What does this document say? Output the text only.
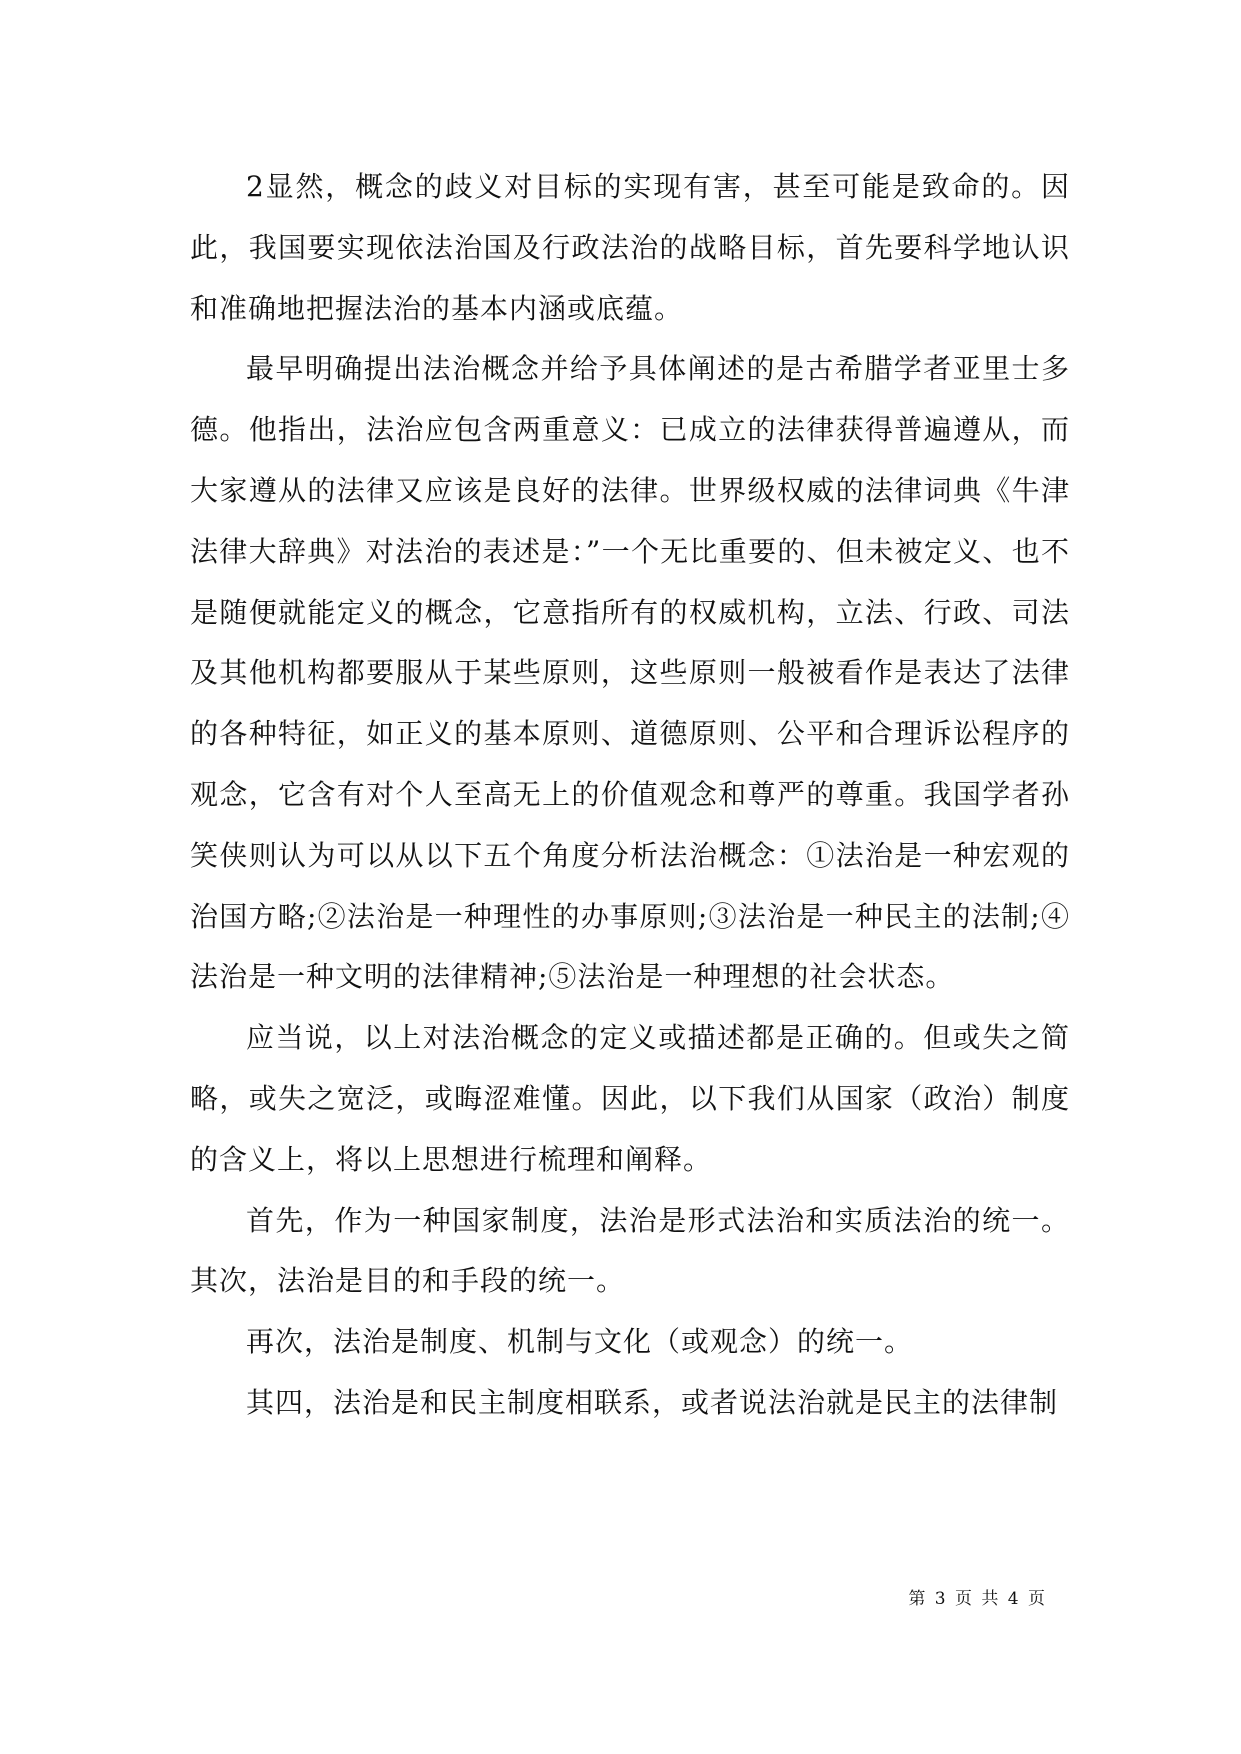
2显然，概念的歧义对目标的实现有害，甚至可能是致命的。因此，我国要实现依法治国及行政法治的战略目标，首先要科学地认识和准确地把握法治的基本内涵或底蕴。

最早明确提出法治概念并给予具体阐述的是古希腊学者亚里士多德。他指出，法治应包含两重意义：已成立的法律获得普遍遵从，而大家遵从的法律又应该是良好的法律。世界级权威的法律词典《牛津法律大辞典》对法治的表述是：”一个无比重要的、但未被定义、也不是随便就能定义的概念，它意指所有的权威机构，立法、行政、司法及其他机构都要服从于某些原则，这些原则一般被看作是表达了法律的各种特征，如正义的基本原则、道德原则、公平和合理诉讼程序的观念，它含有对个人至高无上的价值观念和尊严的尊重。我国学者孙笑侠则认为可以从以下五个角度分析法治概念：①法治是一种宏观的治国方略;②法治是一种理性的办事原则;③法治是一种民主的法制;④法治是一种文明的法律精神;⑤法治是一种理想的社会状态。

应当说，以上对法治概念的定义或描述都是正确的。但或失之简略，或失之宽泛，或晦涩难懂。因此，以下我们从国家（政治）制度的含义上，将以上思想进行梳理和阐释。

首先，作为一种国家制度，法治是形式法治和实质法治的统一。其次，法治是目的和手段的统一。

再次，法治是制度、机制与文化（或观念）的统一。

其四，法治是和民主制度相联系，或者说法治就是民主的法律制

第 3 页 共 4 页
